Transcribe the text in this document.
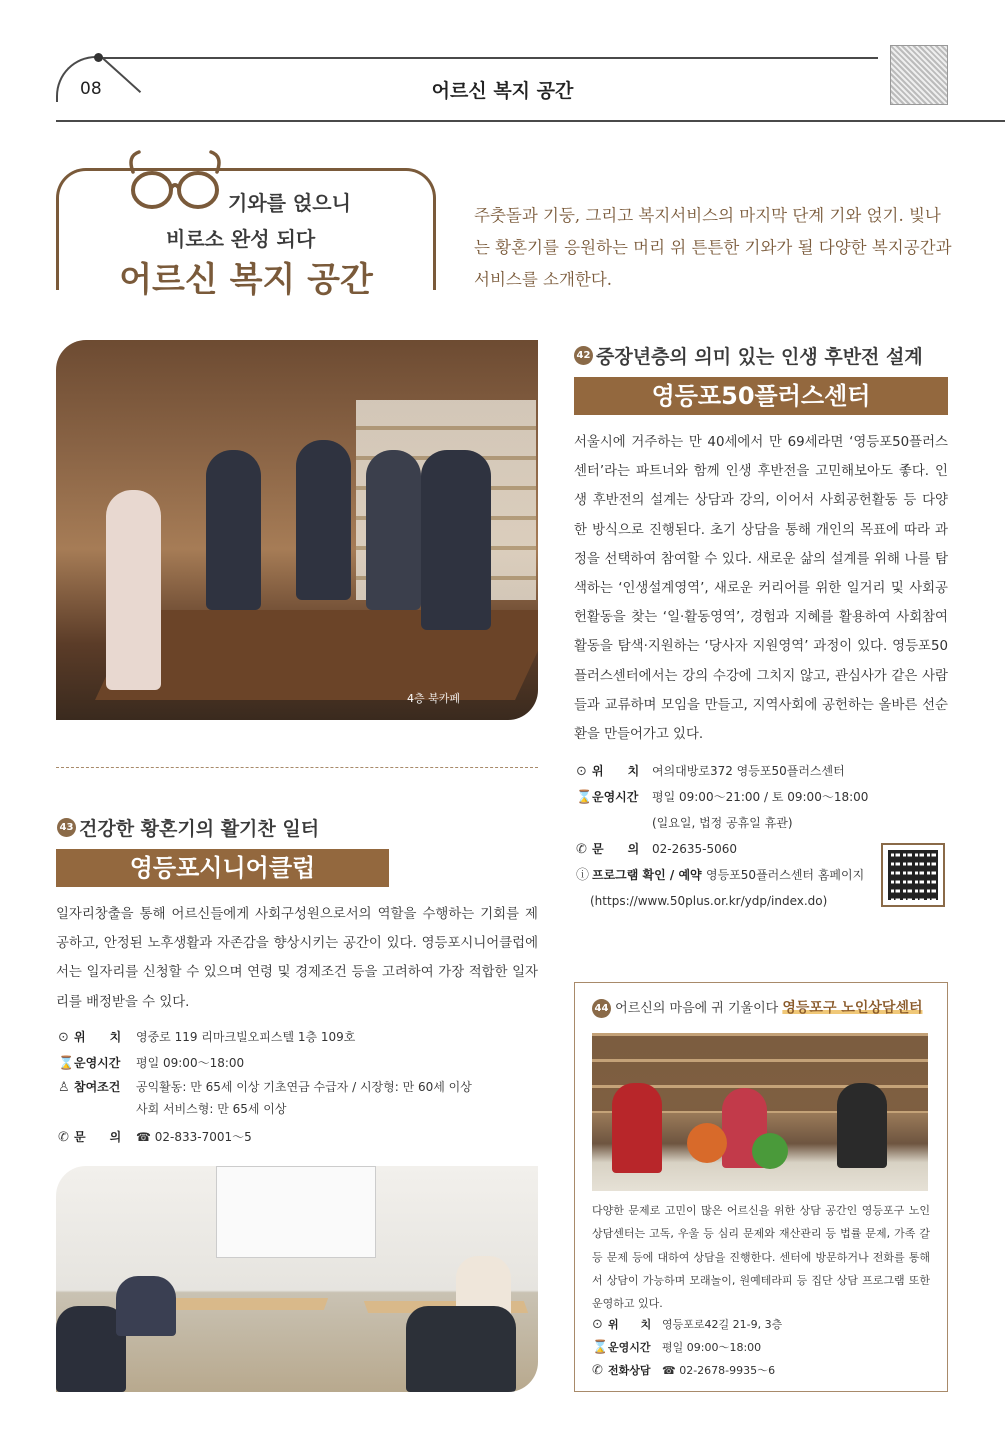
08	어르신 복지 공간
기와를 얹으니
비로소 완성 되다
어르신 복지 공간
주춧돌과 기둥, 그리고 복지서비스의 마지막 단계 기와 얹기. 빛나는 황혼기를 응원하는 머리 위 튼튼한 기와가 될 다양한 복지공간과 서비스를 소개한다.
4층 북카페
42 중장년층의 의미 있는 인생 후반전 설계
영등포50플러스센터
서울시에 거주하는 만 40세에서 만 69세라면 ‘영등포50플러스센터’라는 파트너와 함께 인생 후반전을 고민해보아도 좋다. 인생 후반전의 설계는 상담과 강의, 이어서 사회공헌활동 등 다양한 방식으로 진행된다. 초기 상담을 통해 개인의 목표에 따라 과정을 선택하여 참여할 수 있다. 새로운 삶의 설계를 위해 나를 탐색하는 ‘인생설계영역’, 새로운 커리어를 위한 일거리 및 사회공헌활동을 찾는 ‘일·활동영역’, 경험과 지혜를 활용하여 사회참여활동을 탐색·지원하는 ‘당사자 지원영역’ 과정이 있다. 영등포50플러스센터에서는 강의 수강에 그치지 않고, 관심사가 같은 사람들과 교류하며 모임을 만들고, 지역사회에 공헌하는 올바른 선순환을 만들어가고 있다.
⊙ 위　　치 여의대방로372 영등포50플러스센터
⌛운영시간 평일 09:00～21:00 / 토 09:00～18:00
(일요일, 법정 공휴일 휴관)
✆ 문　　의 02-2635-5060
ⓘ 프로그램 확인 / 예약 영등포50플러스센터 홈페이지
(https://www.50plus.or.kr/ydp/index.do)
43 건강한 황혼기의 활기찬 일터
영등포시니어클럽
일자리창출을 통해 어르신들에게 사회구성원으로서의 역할을 수행하는 기회를 제공하고, 안정된 노후생활과 자존감을 향상시키는 공간이 있다. 영등포시니어클럽에서는 일자리를 신청할 수 있으며 연령 및 경제조건 등을 고려하여 가장 적합한 일자리를 배정받을 수 있다.
⊙ 위　　치 영중로 119 리마크빌오피스텔 1층 109호
⌛운영시간 평일 09:00～18:00
♙ 참여조건 공익활동: 만 65세 이상 기초연금 수급자 / 시장형: 만 60세 이상
사회 서비스형: 만 65세 이상
✆ 문　　의 ☎ 02-833-7001～5
44 어르신의 마음에 귀 기울이다 영등포구 노인상담센터
다양한 문제로 고민이 많은 어르신을 위한 상담 공간인 영등포구 노인상담센터는 고독, 우울 등 심리 문제와 재산관리 등 법률 문제, 가족 갈등 문제 등에 대하여 상담을 진행한다. 센터에 방문하거나 전화를 통해서 상담이 가능하며 모래놀이, 원예테라피 등 집단 상담 프로그램 또한 운영하고 있다.
⊙ 위　　치 영등포로42길 21-9, 3층
⌛운영시간 평일 09:00～18:00
✆ 전화상담 ☎ 02-2678-9935～6
